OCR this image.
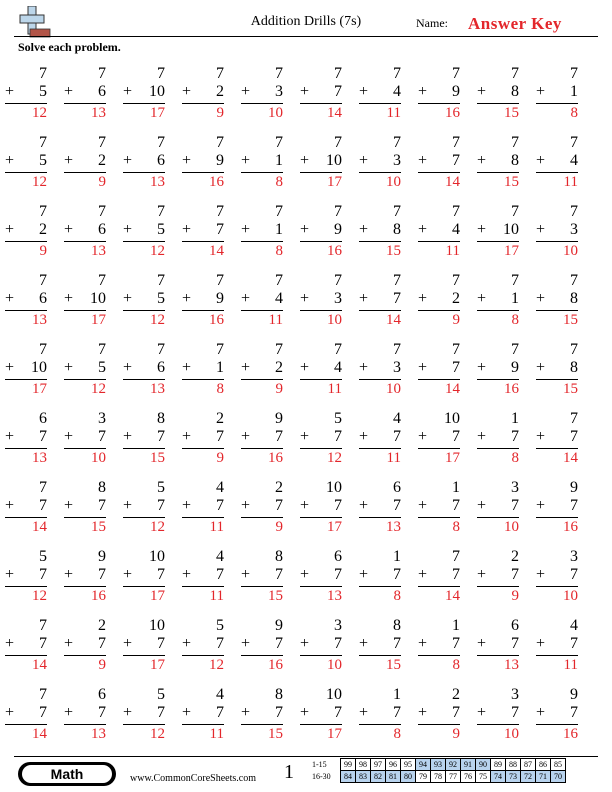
Addition Drills (7s)	Name: Answer Key
Solve each problem.
7
+ 5
12
7
+ 6
13
7
+ 10
17
7
+ 2
9
7
+ 3
10
7
+ 7
14
7
+ 4
11
7
+ 9
16
7
+ 8
15
7
+ 1
8
7
+ 5
12
7
+ 2
9
7
+ 6
13
7
+ 9
16
7
+ 1
8
7
+ 10
17
7
+ 3
10
7
+ 7
14
7
+ 8
15
7
+ 4
11
7
+ 2
9
7
+ 6
13
7
+ 5
12
7
+ 7
14
7
+ 1
8
7
+ 9
16
7
+ 8
15
7
+ 4
11
7
+ 10
17
7
+ 3
10
7
+ 6
13
7
+ 10
17
7
+ 5
12
7
+ 9
16
7
+ 4
11
7
+ 3
10
7
+ 7
14
7
+ 2
9
7
+ 1
8
7
+ 8
15
7
+ 10
17
7
+ 5
12
7
+ 6
13
7
+ 1
8
7
+ 2
9
7
+ 4
11
7
+ 3
10
7
+ 7
14
7
+ 9
16
7
+ 8
15
6
+ 7
13
3
+ 7
10
8
+ 7
15
2
+ 7
9
9
+ 7
16
5
+ 7
12
4
+ 7
11
10
+ 7
17
1
+ 7
8
7
+ 7
14
7
+ 7
14
8
+ 7
15
5
+ 7
12
4
+ 7
11
2
+ 7
9
10
+ 7
17
6
+ 7
13
1
+ 7
8
3
+ 7
10
9
+ 7
16
5
+ 7
12
9
+ 7
16
10
+ 7
17
4
+ 7
11
8
+ 7
15
6
+ 7
13
1
+ 7
8
7
+ 7
14
2
+ 7
9
3
+ 7
10
7
+ 7
14
2
+ 7
9
10
+ 7
17
5
+ 7
12
9
+ 7
16
3
+ 7
10
8
+ 7
15
1
+ 7
8
6
+ 7
13
4
+ 7
11
7
+ 7
14
6
+ 7
13
5
+ 7
12
4
+ 7
11
8
+ 7
15
10
+ 7
17
1
+ 7
8
2
+ 7
9
3
+ 7
10
9
+ 7
16
Math	www.CommonCoreSheets.com 1 1-15	99	98	97	96	95	94	93	92	91	90	89	88	87	86	85
16-30	84	83	82	81	80	79	78	77	76	75	74	73	72	71	70
